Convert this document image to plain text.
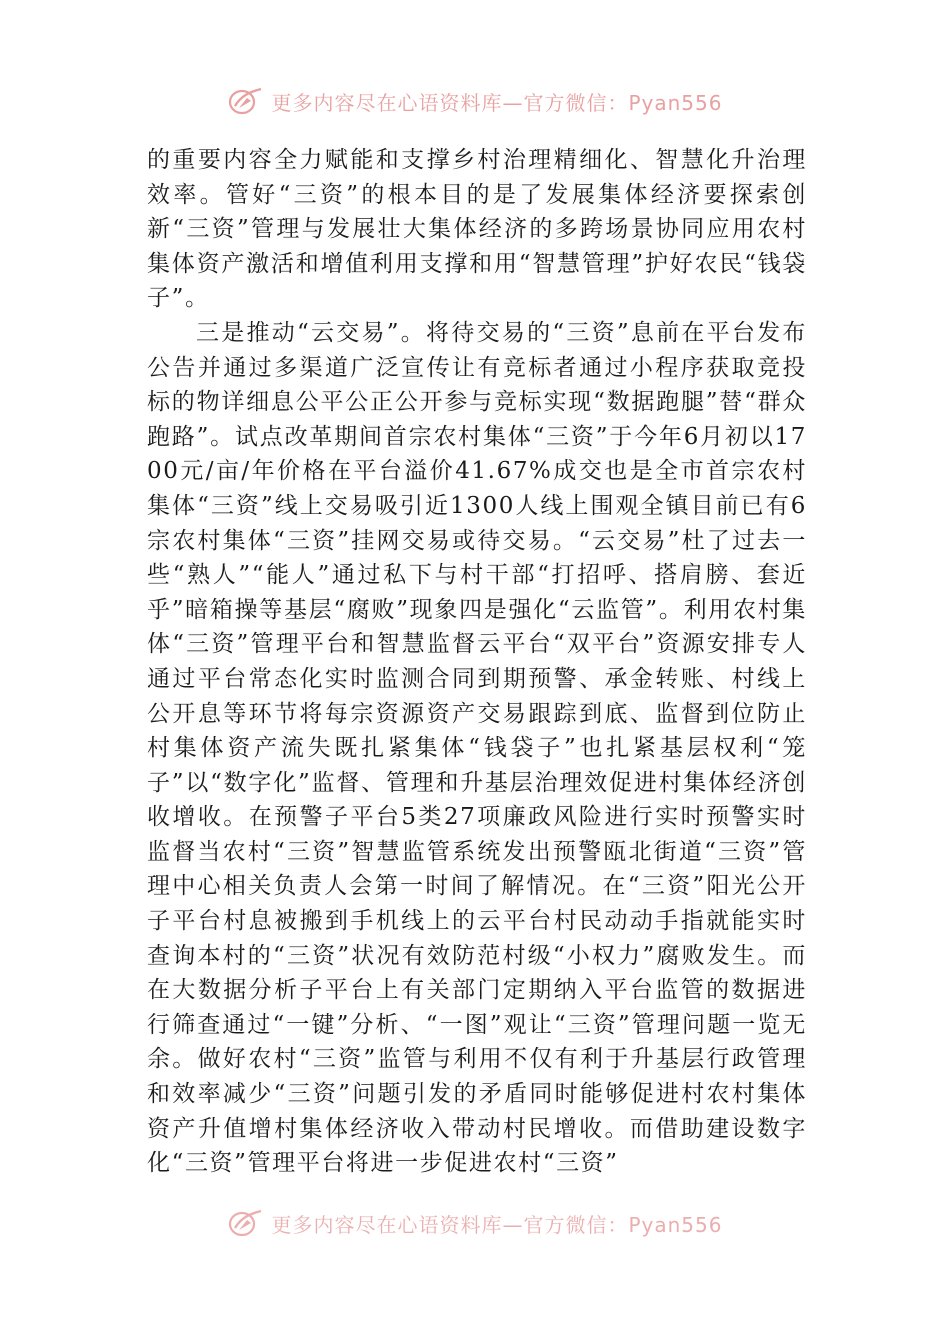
更多内容尽在心语资料库—官方微信：Pyan556

的重要内容全力赋能和支撑乡村治理精细化、智慧化升治理效率。管好“三资”的根本目的是了发展集体经济要探索创新“三资”管理与发展壮大集体经济的多跨场景协同应用农村集体资产激活和增值利用支撑和用“智慧管理”护好农民“钱袋子”。

三是推动“云交易”。将待交易的“三资”息前在平台发布公告并通过多渠道广泛宣传让有竞标者通过小程序获取竞投标的物详细息公平公正公开参与竞标实现“数据跑腿”替“群众跑路”。试点改革期间首宗农村集体“三资”于今年6月初以1700元/亩/年价格在平台溢价41.67%成交也是全市首宗农村集体“三资”线上交易吸引近1300人线上围观全镇目前已有6宗农村集体“三资”挂网交易或待交易。“云交易”杜了过去一些“熟人”“能人”通过私下与村干部“打招呼、搭肩膀、套近乎”暗箱操等基层“腐败”现象四是强化“云监管”。利用农村集体“三资”管理平台和智慧监督云平台“双平台”资源安排专人通过平台常态化实时监测合同到期预警、承金转账、村线上公开息等环节将每宗资源资产交易跟踪到底、监督到位防止村集体资产流失既扎紧集体“钱袋子”也扎紧基层权利“笼子”以“数字化”监督、管理和升基层治理效促进村集体经济创收增收。在预警子平台5类27项廉政风险进行实时预警实时监督当农村“三资”智慧监管系统发出预警瓯北街道“三资”管理中心相关负责人会第一时间了解情况。在“三资”阳光公开子平台村息被搬到手机线上的云平台村民动动手指就能实时查询本村的“三资”状况有效防范村级“小权力”腐败发生。而在大数据分析子平台上有关部门定期纳入平台监管的数据进行筛查通过“一键”分析、“一图”观让“三资”管理问题一览无余。做好农村“三资”监管与利用不仅有利于升基层行政管理和效率减少“三资”问题引发的矛盾同时能够促进村农村集体资产升值增村集体经济收入带动村民增收。而借助建设数字化“三资”管理平台将进一步促进农村“三资”

更多内容尽在心语资料库—官方微信：Pyan556
